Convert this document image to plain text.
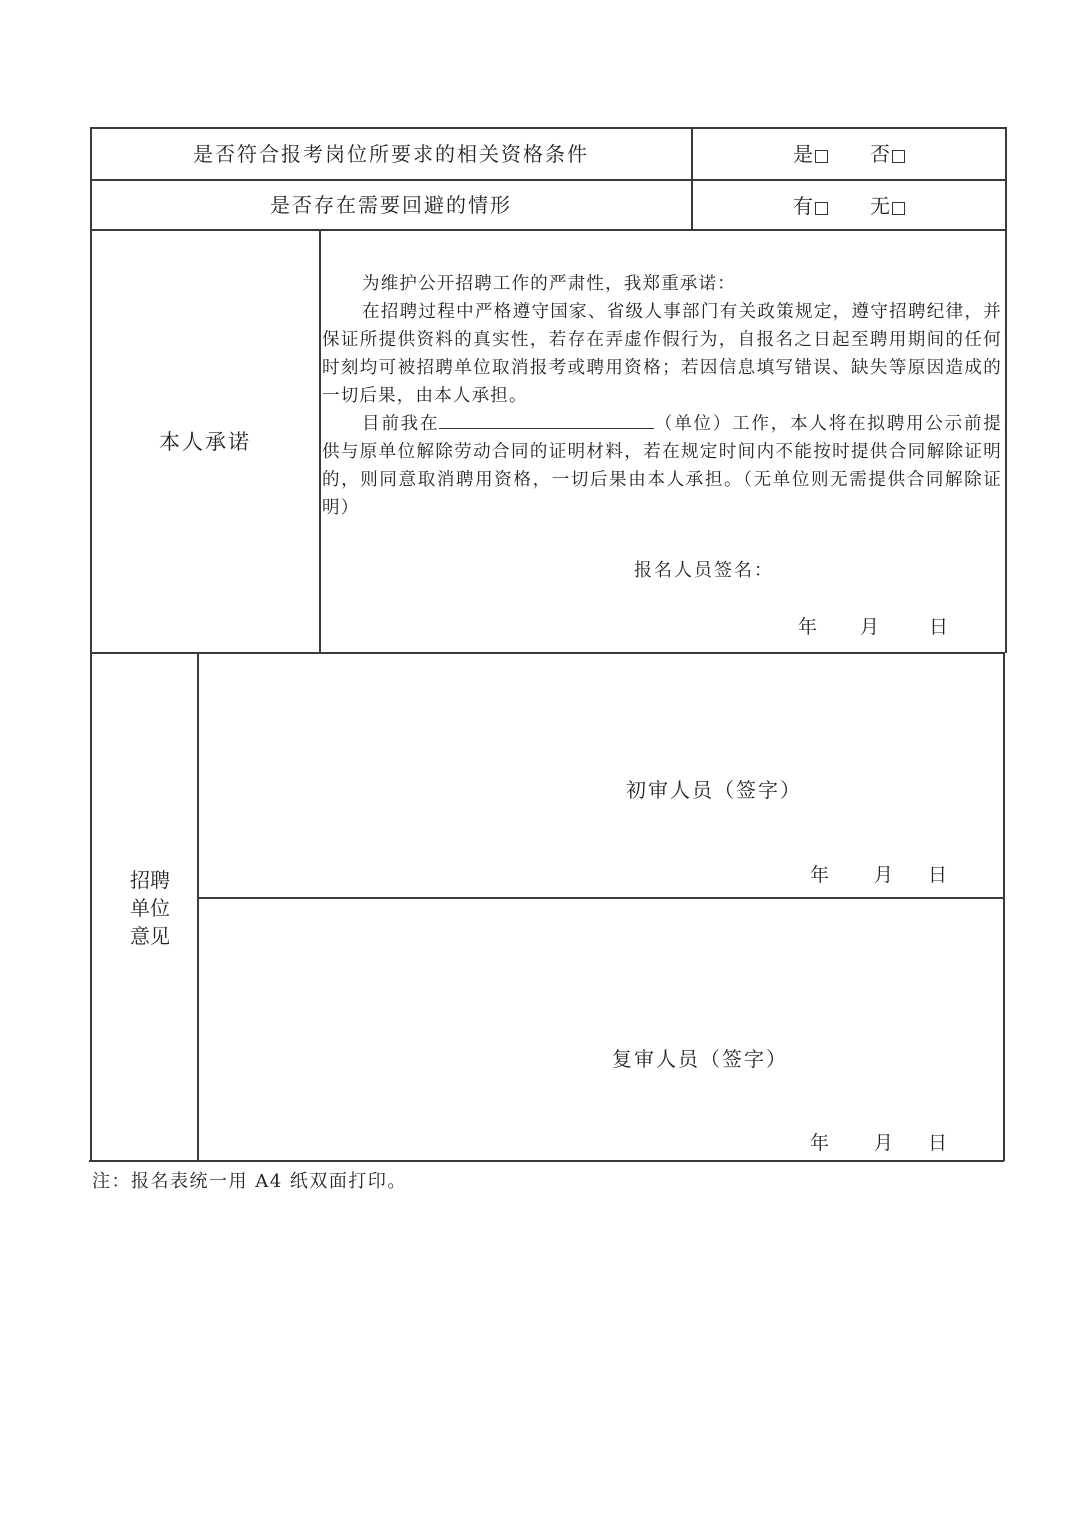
是否符合报考岗位所要求的相关资格条件	是	否
是否存在需要回避的情形	有	无
本人承诺

为维护公开招聘工作的严肃性，我郑重承诺：

在招聘过程中严格遵守国家、省级人事部门有关政策规定，遵守招聘纪律，并保证所提供资料的真实性，若存在弄虚作假行为，自报名之日起至聘用期间的任何时刻均可被招聘单位取消报考或聘用资格；若因信息填写错误、缺失等原因造成的一切后果，由本人承担。

目前我在	（单位）工作，本人将在拟聘用公示前提供与原单位解除劳动合同的证明材料，若在规定时间内不能按时提供合同解除证明的，则同意取消聘用资格，一切后果由本人承担。（无单位则无需提供合同解除证明）

报名人员签名：
年 月	日
招聘单位意见
初审人员（签字）
年 月 日
复审人员（签字）
年 月 日
注：报名表统一用 A4 纸双面打印。
